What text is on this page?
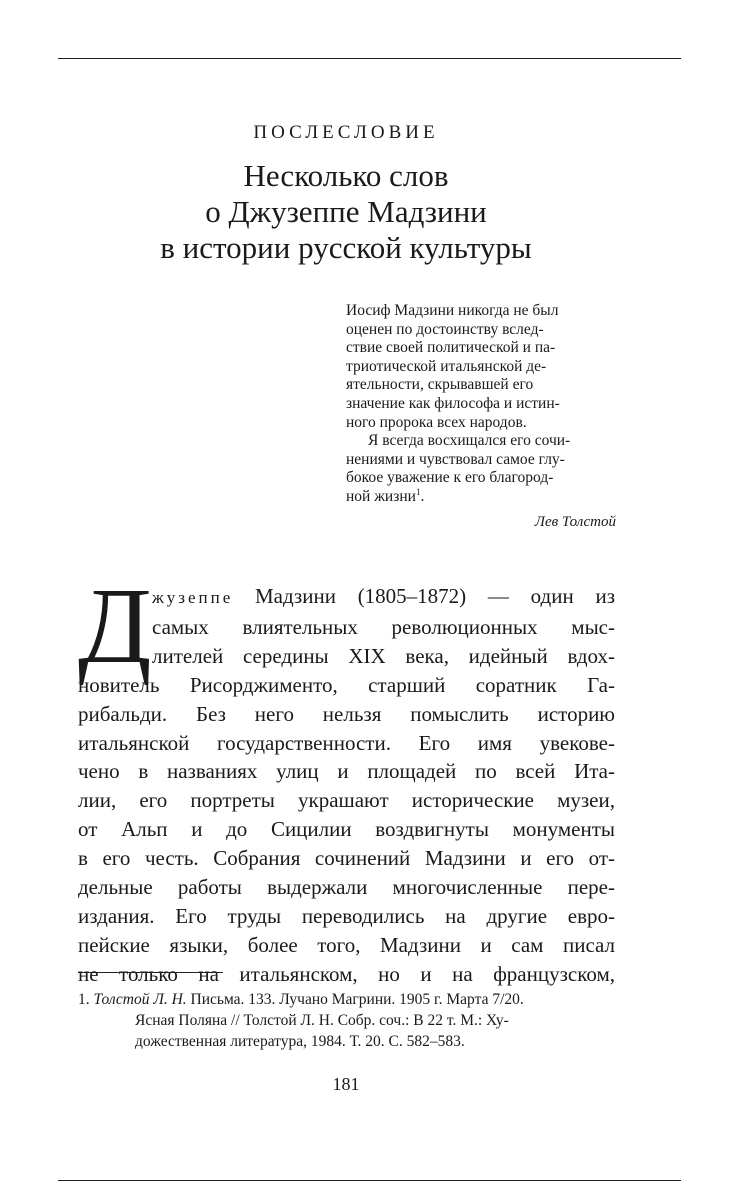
ПОСЛЕСЛОВИЕ
Несколько слов
о Джузеппе Мадзини
в истории русской культуры
Иосиф Мадзини никогда не был
оценен по достоинству вслед-
ствие своей политической и па-
триотической итальянской де-
ятельности, скрывавшей его
значение как философа и истин-
ного пророка всех народов.
Я всегда восхищался его сочи-
нениями и чувствовал самое глу-
бокое уважение к его благород-
ной жизни$^1$.
Лев Толстой
Д жузеппе Мадзини (1805–1872) — один из
самых влиятельных революционных мыс-
лителей середины XIX века, идейный вдох-
новитель Рисорджименто, старший соратник Га-
рибальди. Без него нельзя помыслить историю
итальянской государственности. Его имя увекове-
чено в названиях улиц и площадей по всей Ита-
лии, его портреты украшают исторические музеи,
от Альп и до Сицилии воздвигнуты монументы
в его честь. Собрания сочинений Мадзини и его от-
дельные работы выдержали многочисленные пере-
издания. Его труды переводились на другие евро-
пейские языки, более того, Мадзини и сам писал
не только на итальянском, но и на французском,
1. Толстой Л. Н. Письма. 133. Лучано Магрини. 1905 г. Марта 7/20.
Ясная Поляна // Толстой Л. Н. Собр. соч.: В 22 т. М.: Ху-
дожественная литература, 1984. Т. 20. С. 582–583.
181
